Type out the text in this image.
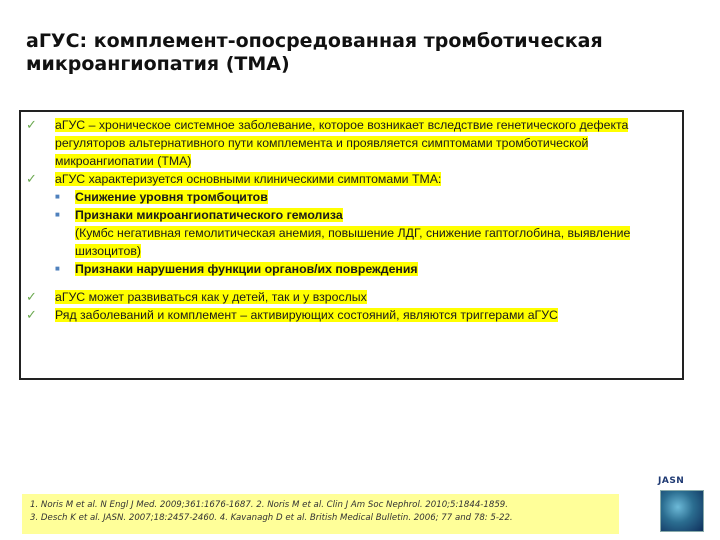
аГУС: комплемент-опосредованная тромботическая микроангиопатия (ТМА)
✓ аГУС – хроническое системное заболевание, которое возникает вследствие генетического дефекта регуляторов альтернативного пути комплемента и проявляется симптомами тромботической микроангиопатии (ТМА)
✓ аГУС характеризуется основными клиническими симптомами ТМА:
■ Снижение уровня тромбоцитов
■ Признаки микроангиопатического гемолиза
(Кумбс негативная гемолитическая анемия, повышение ЛДГ, снижение гаптоглобина, выявление шизоцитов)
■ Признаки нарушения функции органов/их повреждения
✓ аГУС может развиваться как у детей, так и у взрослых
✓ Ряд заболеваний и комплемент – активирующих состояний, являются триггерами аГУС
1. Noris M et al. N Engl J Med. 2009;361:1676-1687. 2. Noris M et al. Clin J Am Soc Nephrol. 2010;5:1844-1859.
3. Desch K et al. JASN. 2007;18:2457-2460. 4. Kavanagh D et al. British Medical Bulletin. 2006; 77 and 78: 5-22.
JASN
